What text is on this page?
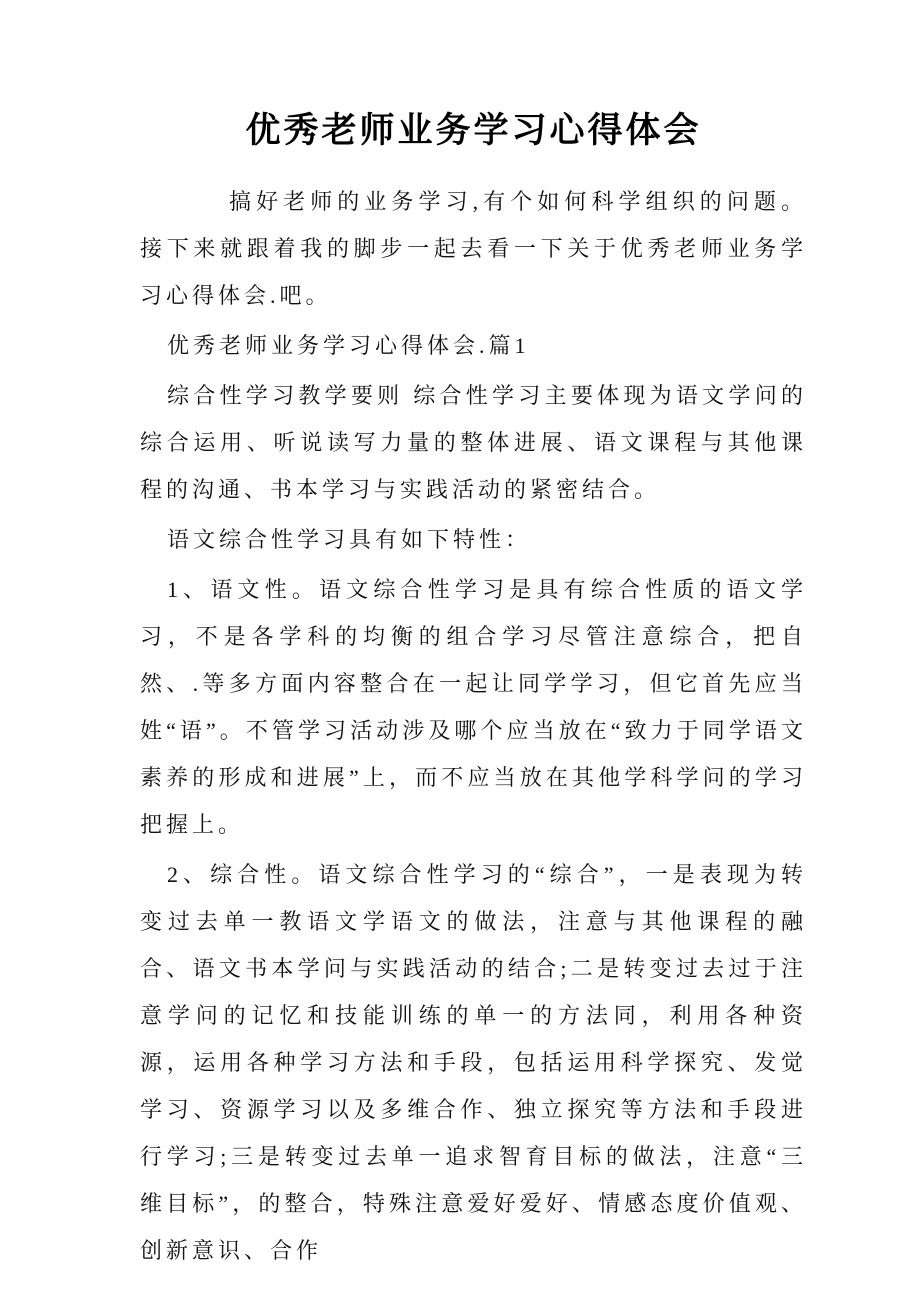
优秀老师业务学习心得体会

搞好老师的业务学习,有个如何科学组织的问题。接下来就跟着我的脚步一起去看一下关于优秀老师业务学习心得体会.吧。

优秀老师业务学习心得体会.篇1

综合性学习教学要则 综合性学习主要体现为语文学问的综合运用、听说读写力量的整体进展、语文课程与其他课程的沟通、书本学习与实践活动的紧密结合。

语文综合性学习具有如下特性：

1、语文性。语文综合性学习是具有综合性质的语文学习，不是各学科的均衡的组合学习尽管注意综合，把自然、.等多方面内容整合在一起让同学学习，但它首先应当姓“语”。不管学习活动涉及哪个应当放在“致力于同学语文素养的形成和进展”上，而不应当放在其他学科学问的学习把握上。

2、综合性。语文综合性学习的“综合”，一是表现为转变过去单一教语文学语文的做法，注意与其他课程的融合、语文书本学问与实践活动的结合;二是转变过去过于注意学问的记忆和技能训练的单一的方法同，利用各种资源，运用各种学习方法和手段，包括运用科学探究、发觉学习、资源学习以及多维合作、独立探究等方法和手段进行学习;三是转变过去单一追求智育目标的做法，注意“三维目标”，的整合，特殊注意爱好爱好、情感态度价值观、创新意识、合作
